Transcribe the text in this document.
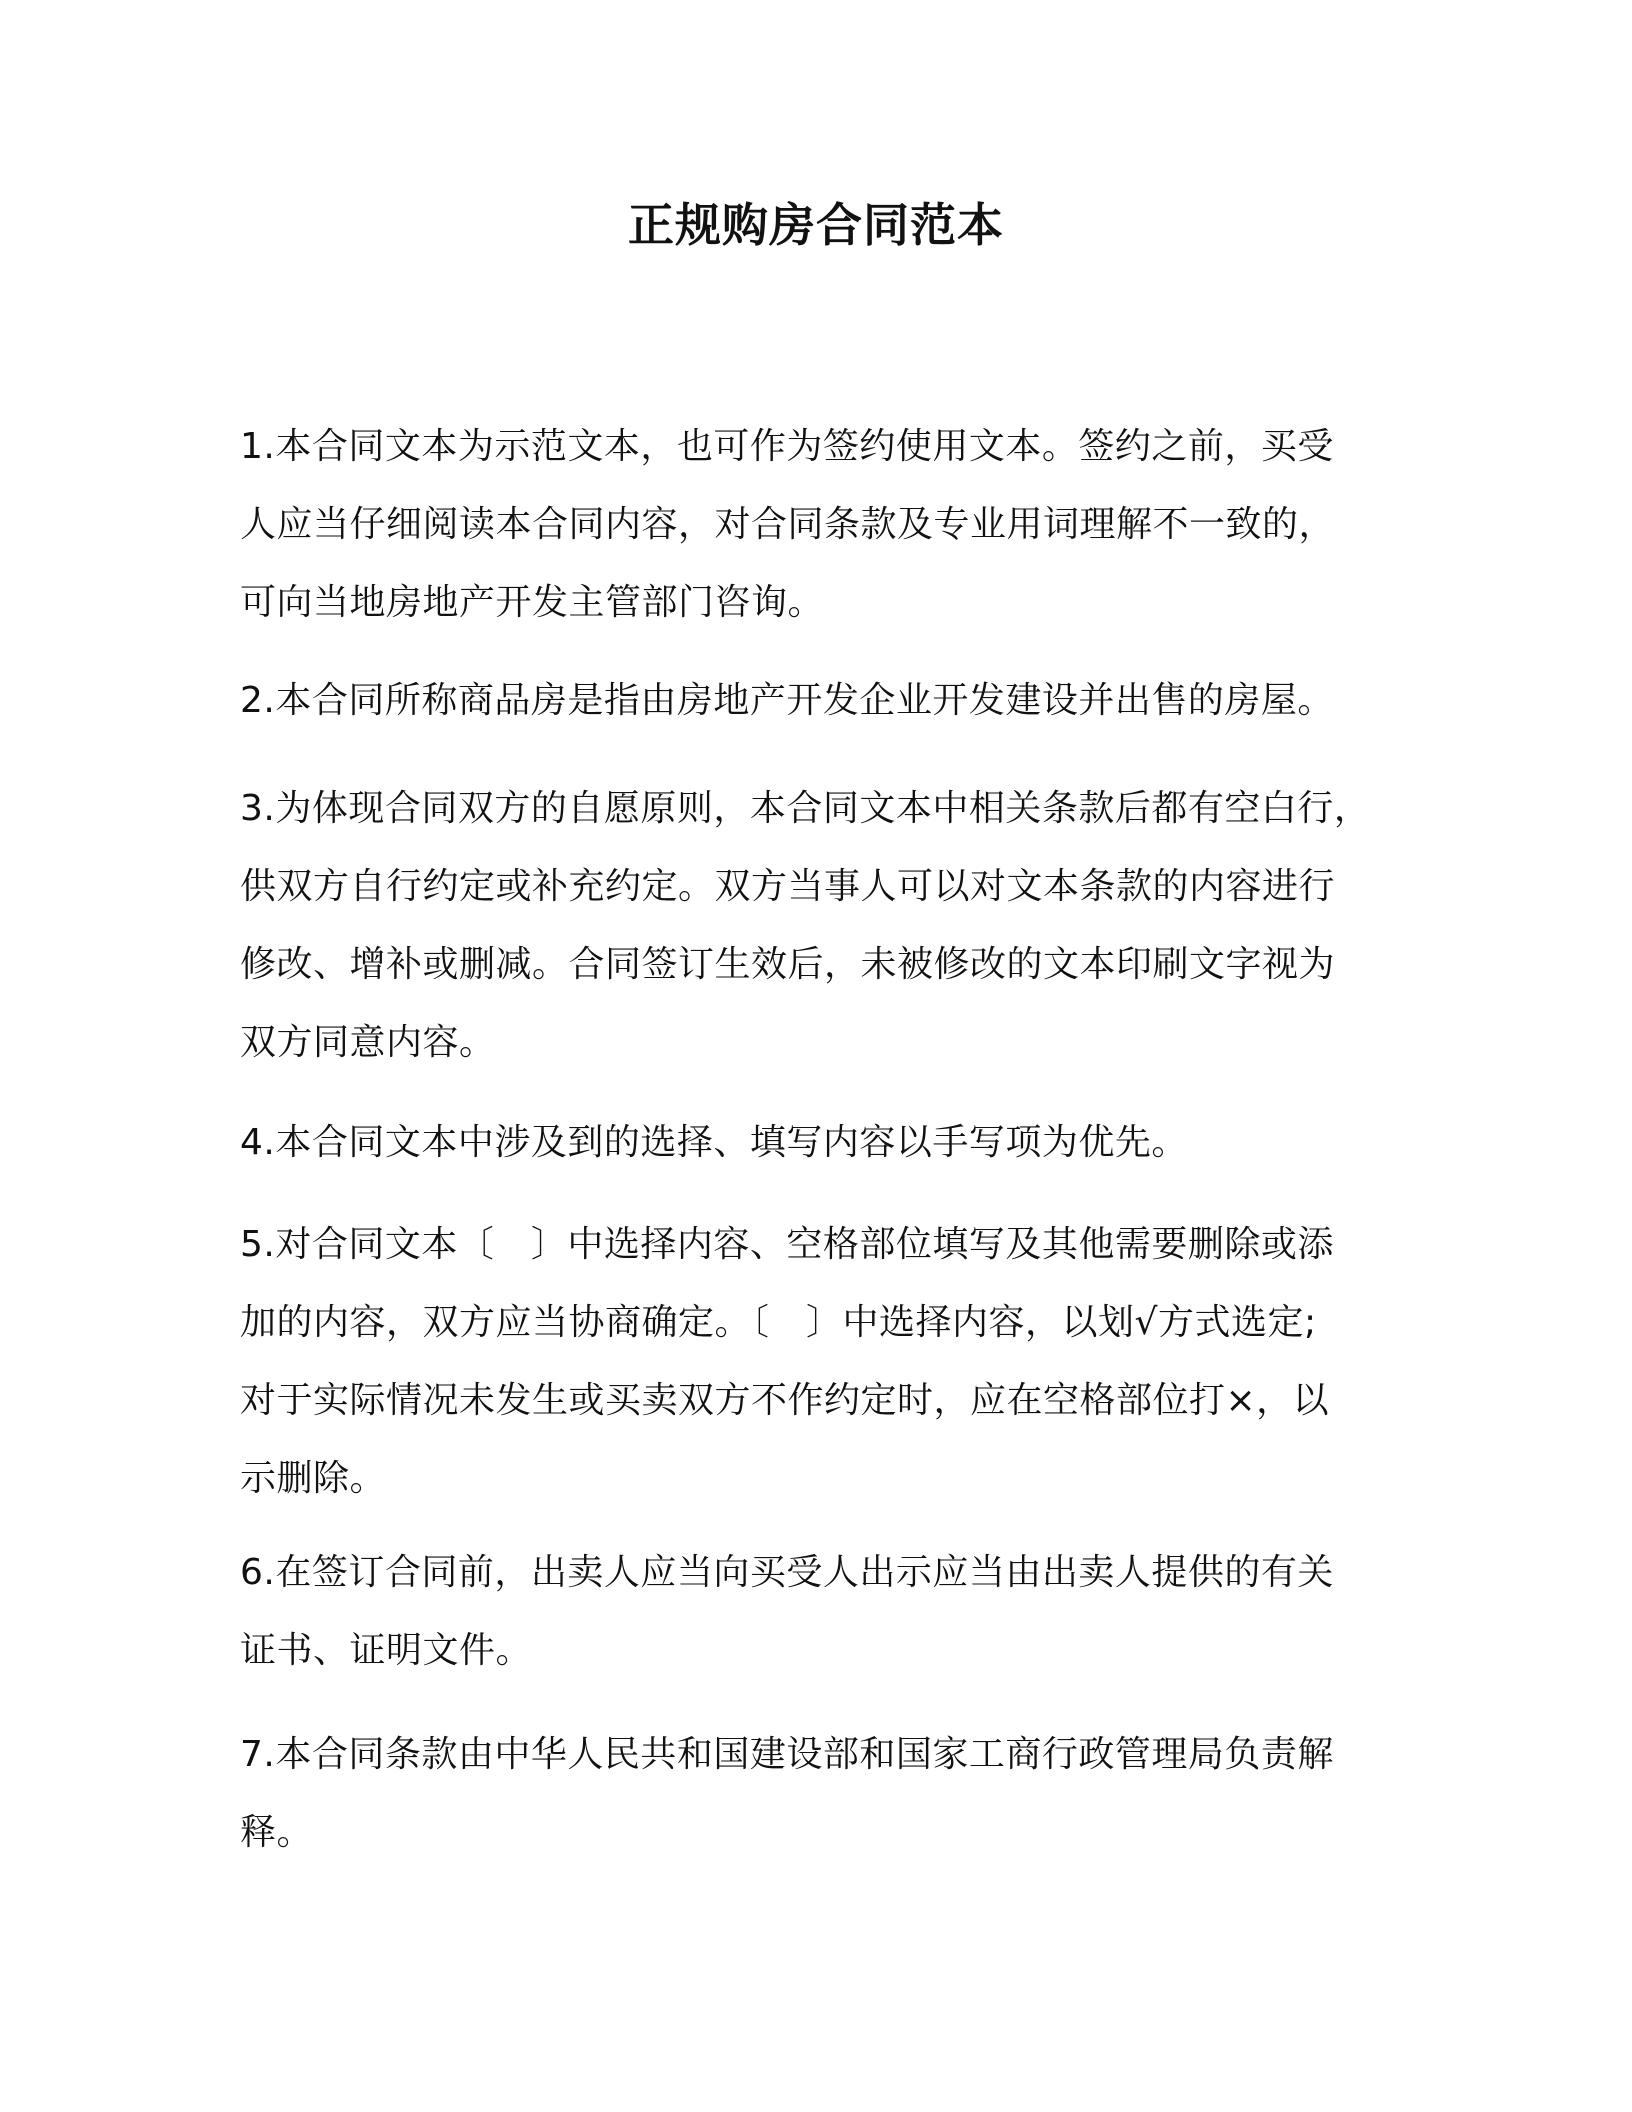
正规购房合同范本

1.本合同文本为示范文本，也可作为签约使用文本。签约之前，买受
人应当仔细阅读本合同内容，对合同条款及专业用词理解不一致的，
可向当地房地产开发主管部门咨询。

2.本合同所称商品房是指由房地产开发企业开发建设并出售的房屋。

3.为体现合同双方的自愿原则，本合同文本中相关条款后都有空白行，
供双方自行约定或补充约定。双方当事人可以对文本条款的内容进行
修改、增补或删减。合同签订生效后，未被修改的文本印刷文字视为
双方同意内容。

4.本合同文本中涉及到的选择、填写内容以手写项为优先。

5.对合同文本〔　〕中选择内容、空格部位填写及其他需要删除或添
加的内容，双方应当协商确定。〔　〕中选择内容，以划√方式选定;
对于实际情况未发生或买卖双方不作约定时，应在空格部位打×，以
示删除。

6.在签订合同前，出卖人应当向买受人出示应当由出卖人提供的有关
证书、证明文件。

7.本合同条款由中华人民共和国建设部和国家工商行政管理局负责解
释。
